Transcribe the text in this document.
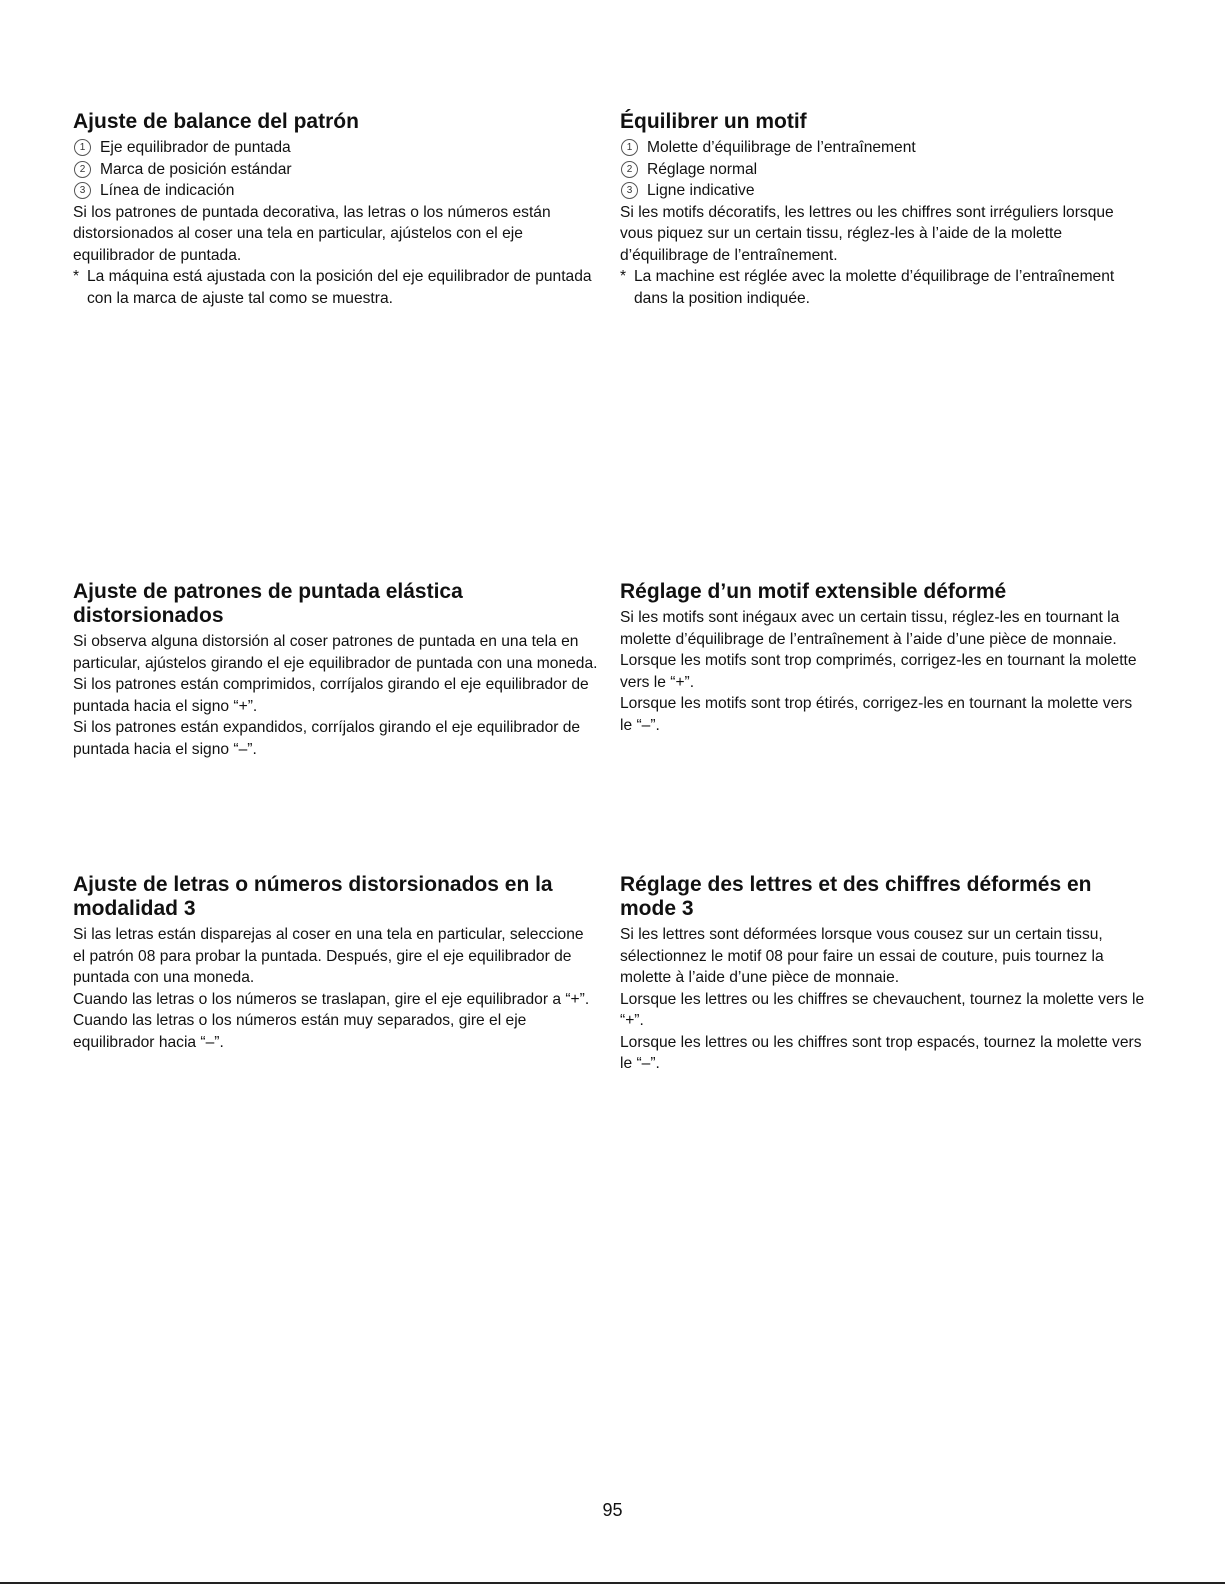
Ajuste de balance del patrón
1 Eje equilibrador de puntada
2 Marca de posición estándar
3 Línea de indicación

Si los patrones de puntada decorativa, las letras o los números están distorsionados al coser una tela en particular, ajústelos con el eje equilibrador de puntada.

* La máquina está ajustada con la posición del eje equilibrador de puntada con la marca de ajuste tal como se muestra.
Équilibrer un motif
1 Molette d’équilibrage de l’entraînement
2 Réglage normal
3 Ligne indicative

Si les motifs décoratifs, les lettres ou les chiffres sont irréguliers lorsque vous piquez sur un certain tissu, réglez-les à l’aide de la molette d’équilibrage de l’entraînement.

* La machine est réglée avec la molette d’équilibrage de l’entraînement dans la position indiquée.
Ajuste de patrones de puntada elástica distorsionados

Si observa alguna distorsión al coser patrones de puntada en una tela en particular, ajústelos girando el eje equilibrador de puntada con una moneda.

Si los patrones están comprimidos, corríjalos girando el eje equilibrador de puntada hacia el signo “+”.

Si los patrones están expandidos, corríjalos girando el eje equilibrador de puntada hacia el signo “–”.

Réglage d’un motif extensible déformé

Si les motifs sont inégaux avec un certain tissu, réglez-les en tournant la molette d’équilibrage de l’entraînement à l’aide d’une pièce de monnaie.

Lorsque les motifs sont trop comprimés, corrigez-les en tournant la molette vers le “+”.

Lorsque les motifs sont trop étirés, corrigez-les en tournant la molette vers le “–”.

Ajuste de letras o números distorsionados en la modalidad 3

Si las letras están disparejas al coser en una tela en particular, seleccione el patrón 08 para probar la puntada. Después, gire el eje equilibrador de puntada con una moneda.

Cuando las letras o los números se traslapan, gire el eje equilibrador a “+”.

Cuando las letras o los números están muy separados, gire el eje equilibrador hacia “–”.

Réglage des lettres et des chiffres déformés en mode 3

Si les lettres sont déformées lorsque vous cousez sur un certain tissu, sélectionnez le motif 08 pour faire un essai de couture, puis tournez la molette à l’aide d’une pièce de monnaie.

Lorsque les lettres ou les chiffres se chevauchent, tournez la molette vers le “+”.

Lorsque les lettres ou les chiffres sont trop espacés, tournez la molette vers le “–”.

95
